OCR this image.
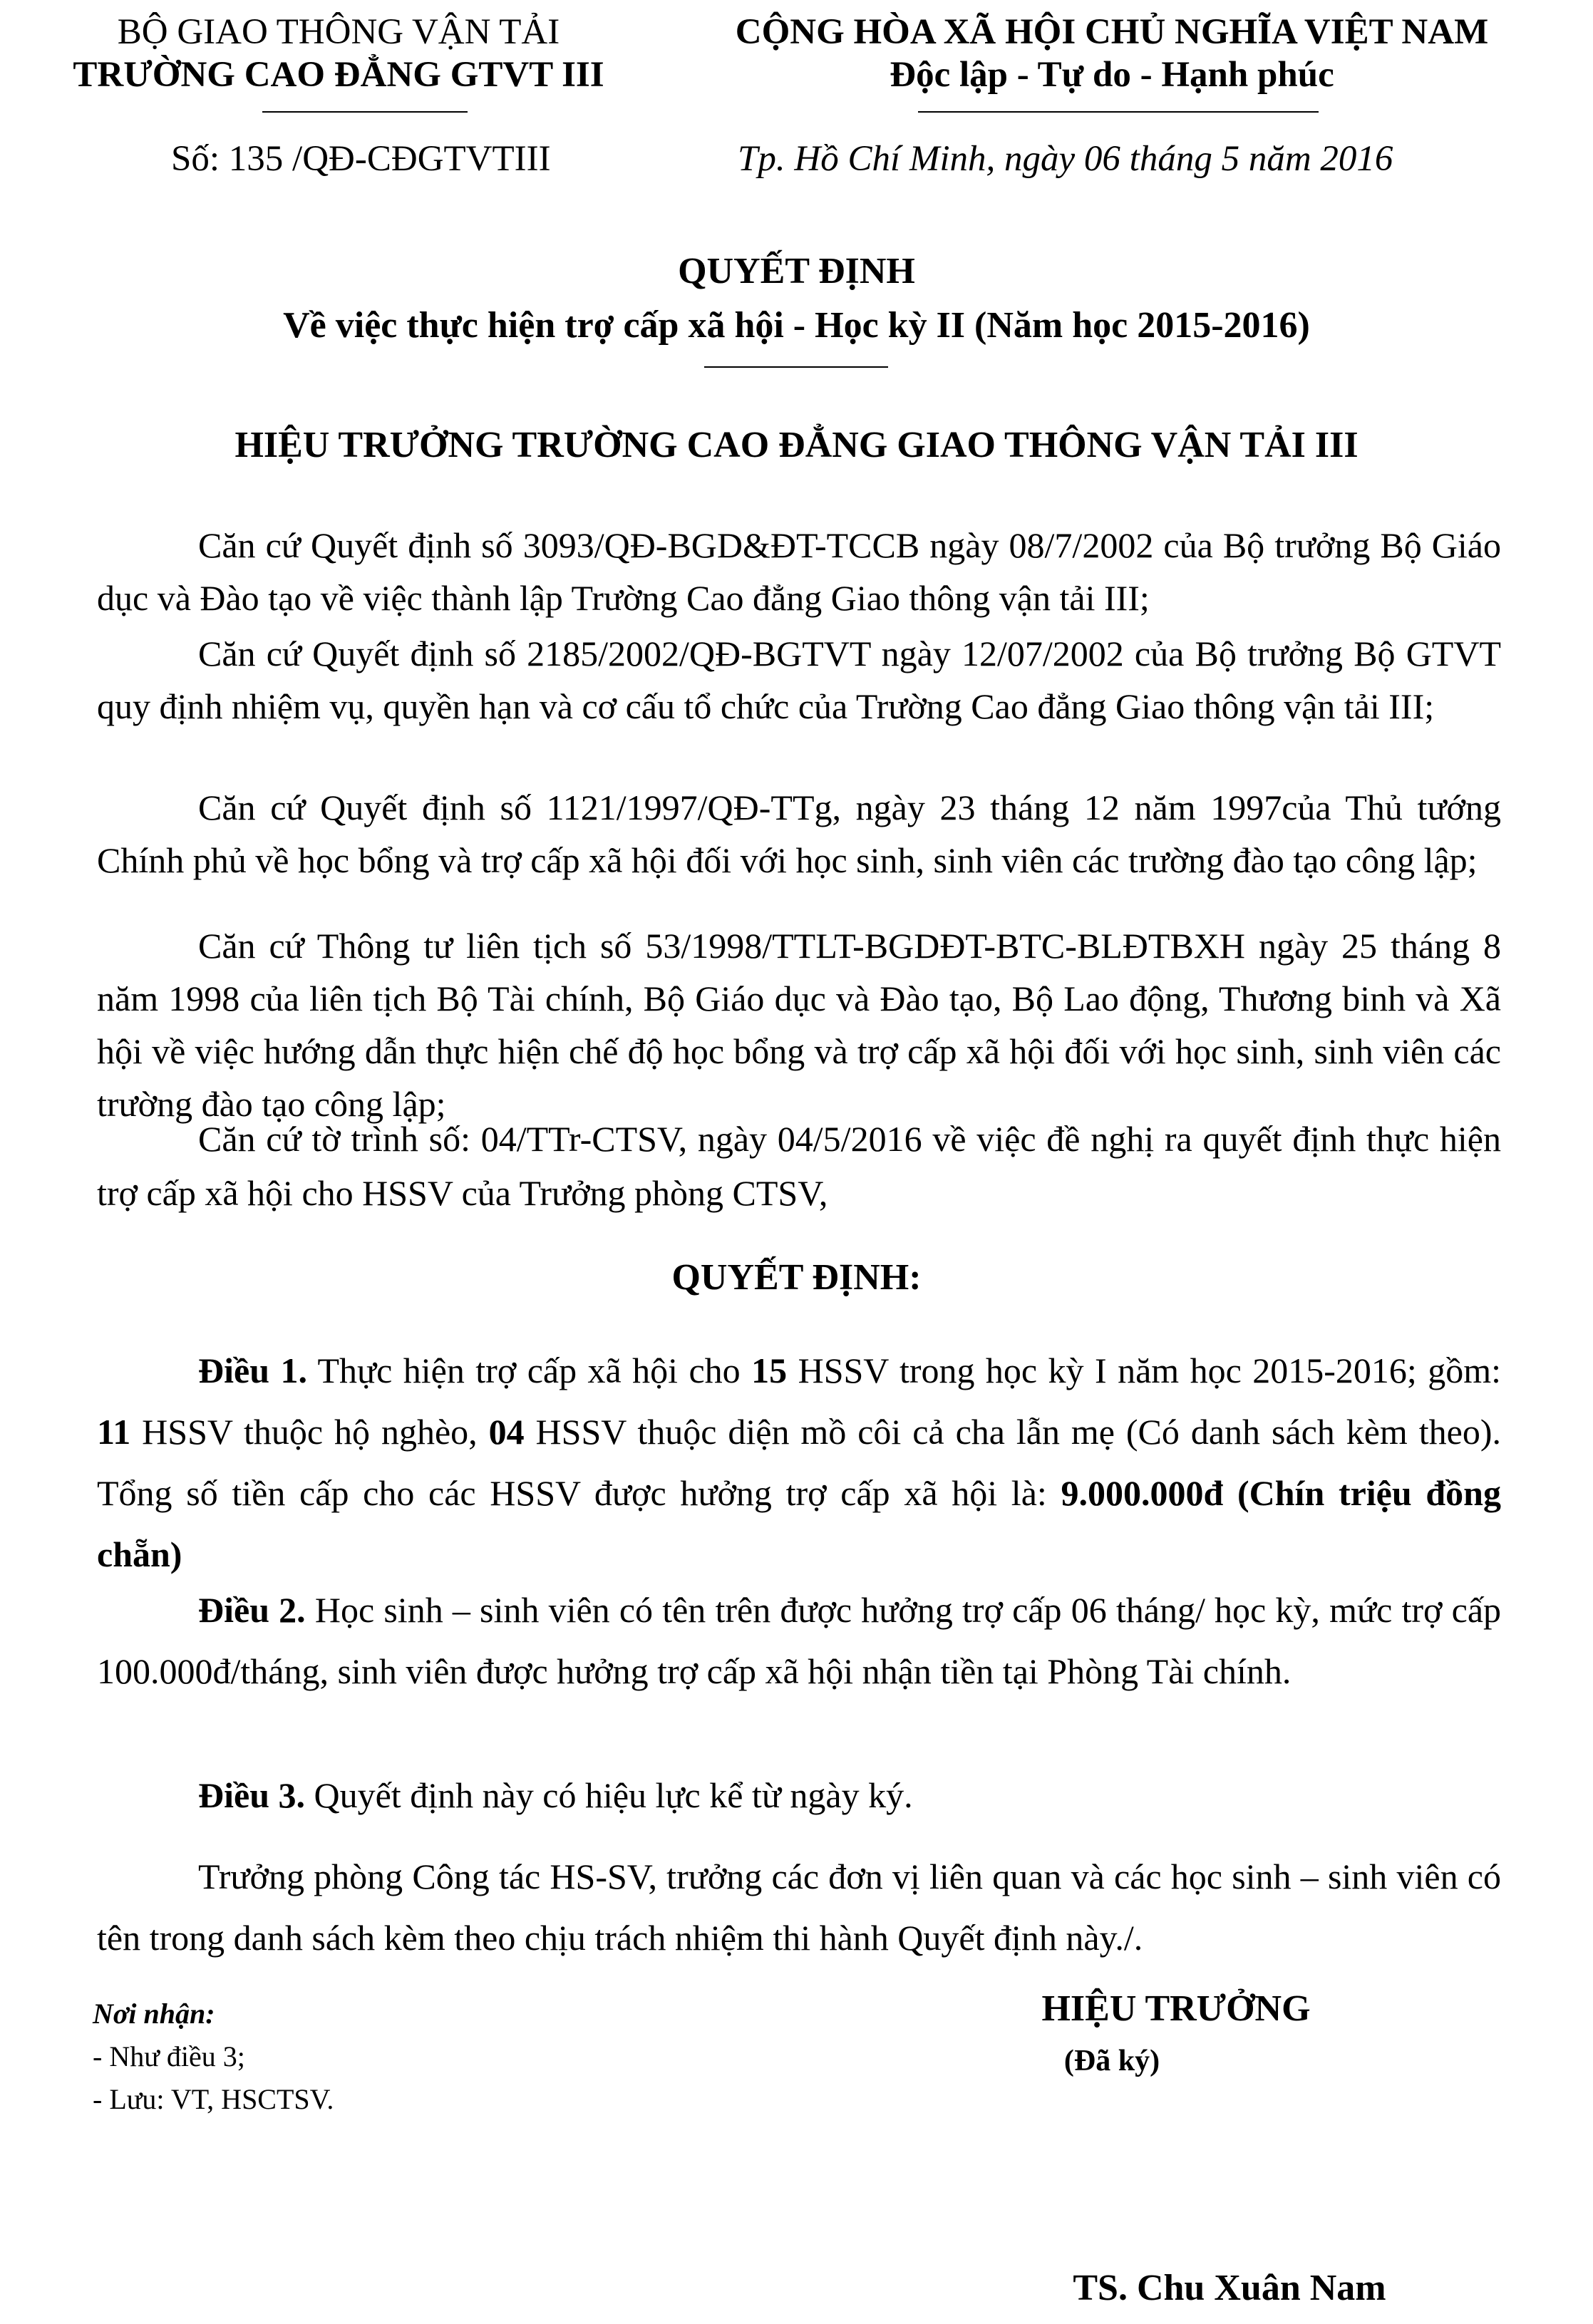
BỘ GIAO THÔNG VẬN TẢI
TRƯỜNG CAO ĐẲNG GTVT III
Số: 135 /QĐ-CĐGTVTIII
CỘNG HÒA XÃ HỘI CHỦ NGHĨA VIỆT NAM
Độc lập - Tự do - Hạnh phúc
Tp. Hồ Chí Minh, ngày 06 tháng 5 năm 2016
QUYẾT ĐỊNH
Về việc thực hiện trợ cấp xã hội - Học kỳ II (Năm học 2015-2016)
HIỆU TRƯỞNG TRƯỜNG CAO ĐẲNG GIAO THÔNG VẬN TẢI III

Căn cứ Quyết định số 3093/QĐ-BGD&ĐT-TCCB ngày 08/7/2002 của Bộ trưởng Bộ Giáo dục và Đào tạo về việc thành lập Trường Cao đẳng Giao thông vận tải III;

Căn cứ Quyết định số 2185/2002/QĐ-BGTVT ngày 12/07/2002 của Bộ trưởng Bộ GTVT quy định nhiệm vụ, quyền hạn và cơ cấu tổ chức của Trường Cao đẳng Giao thông vận tải III;

Căn cứ Quyết định số 1121/1997/QĐ-TTg, ngày 23 tháng 12 năm 1997của Thủ tướng Chính phủ về học bổng và trợ cấp xã hội đối với học sinh, sinh viên các trường đào tạo công lập;

Căn cứ Thông tư liên tịch số 53/1998/TTLT-BGDĐT-BTC-BLĐTBXH ngày 25 tháng 8 năm 1998 của liên tịch Bộ Tài chính, Bộ Giáo dục và Đào tạo, Bộ Lao động, Thương binh và Xã hội về việc hướng dẫn thực hiện chế độ học bổng và trợ cấp xã hội đối với học sinh, sinh viên các trường đào tạo công lập;

Căn cứ tờ trình số: 04/TTr-CTSV, ngày 04/5/2016 về việc đề nghị ra quyết định thực hiện trợ cấp xã hội cho HSSV của Trưởng phòng CTSV,

QUYẾT ĐỊNH:

Điều 1. Thực hiện trợ cấp xã hội cho 15 HSSV trong học kỳ I năm học 2015-2016; gồm: 11 HSSV thuộc hộ nghèo, 04 HSSV thuộc diện mồ côi cả cha lẫn mẹ (Có danh sách kèm theo). Tổng số tiền cấp cho các HSSV được hưởng trợ cấp xã hội là: 9.000.000đ (Chín triệu đồng chẵn)

Điều 2. Học sinh – sinh viên có tên trên được hưởng trợ cấp 06 tháng/ học kỳ, mức trợ cấp 100.000đ/tháng, sinh viên được hưởng trợ cấp xã hội nhận tiền tại Phòng Tài chính.

Điều 3. Quyết định này có hiệu lực kể từ ngày ký.

Trưởng phòng Công tác HS-SV, trưởng các đơn vị liên quan và các học sinh – sinh viên có tên trong danh sách kèm theo chịu trách nhiệm thi hành Quyết định này./.

HIỆU TRƯỞNG
(Đã ký)
TS. Chu Xuân Nam
Nơi nhận:
- Như điều 3;
- Lưu: VT, HSCTSV.
